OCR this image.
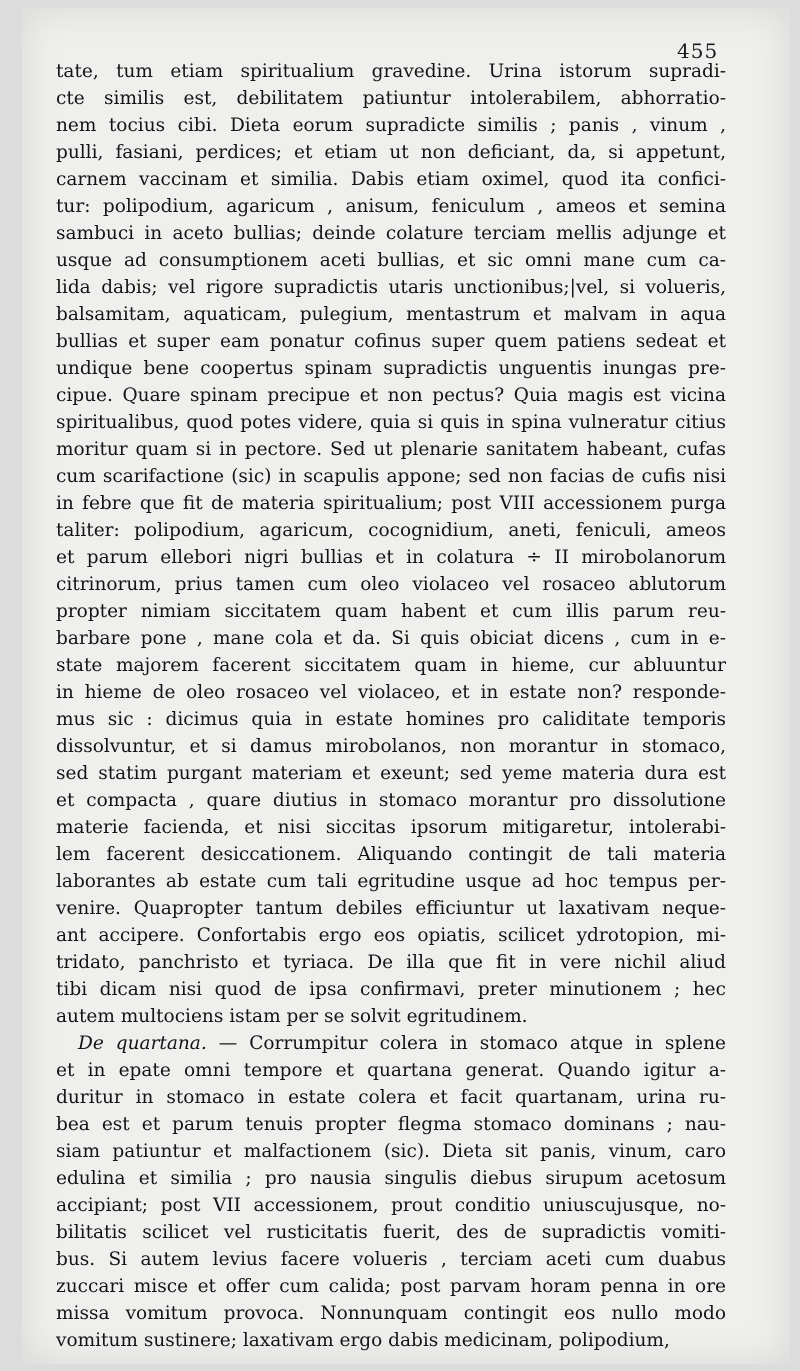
455
tate, tum etiam spiritualium gravedine. Urina istorum supradi-
cte similis est, debilitatem patiuntur intolerabilem, abhorratio-
nem tocius cibi. Dieta eorum supradicte similis ; panis , vinum ,
pulli, fasiani, perdices; et etiam ut non deficiant, da, si appetunt,
carnem vaccinam et similia. Dabis etiam oximel, quod ita confici-
tur: polipodium, agaricum , anisum, feniculum , ameos et semina
sambuci in aceto bullias; deinde colature terciam mellis adjunge et
usque ad consumptionem aceti bullias, et sic omni mane cum ca-
lida dabis; vel rigore supradictis utaris unctionibus;|vel, si volueris,
balsamitam, aquaticam, pulegium, mentastrum et malvam in aqua
bullias et super eam ponatur cofinus super quem patiens sedeat et
undique bene coopertus spinam supradictis unguentis inungas pre-
cipue. Quare spinam precipue et non pectus? Quia magis est vicina
spiritualibus, quod potes videre, quia si quis in spina vulneratur citius
moritur quam si in pectore. Sed ut plenarie sanitatem habeant, cufas
cum scarifactione (sic) in scapulis appone; sed non facias de cufis nisi
in febre que fit de materia spiritualium; post VIII accessionem purga
taliter: polipodium, agaricum, cocognidium, aneti, feniculi, ameos
et parum ellebori nigri bullias et in colatura ÷ II mirobolanorum
citrinorum, prius tamen cum oleo violaceo vel rosaceo ablutorum
propter nimiam siccitatem quam habent et cum illis parum reu-
barbare pone , mane cola et da. Si quis obiciat dicens , cum in e-
state majorem facerent siccitatem quam in hieme, cur abluuntur
in hieme de oleo rosaceo vel violaceo, et in estate non? responde-
mus sic : dicimus quia in estate homines pro caliditate temporis
dissolvuntur, et si damus mirobolanos, non morantur in stomaco,
sed statim purgant materiam et exeunt; sed yeme materia dura est
et compacta , quare diutius in stomaco morantur pro dissolutione
materie facienda, et nisi siccitas ipsorum mitigaretur, intolerabi-
lem facerent desiccationem. Aliquando contingit de tali materia
laborantes ab estate cum tali egritudine usque ad hoc tempus per-
venire. Quapropter tantum debiles efficiuntur ut laxativam neque-
ant accipere. Confortabis ergo eos opiatis, scilicet ydrotopion, mi-
tridato, panchristo et tyriaca. De illa que fit in vere nichil aliud
tibi dicam nisi quod de ipsa confirmavi, preter minutionem ; hec
autem multociens istam per se solvit egritudinem.
De quartana. — Corrumpitur colera in stomaco atque in splene
et in epate omni tempore et quartana generat. Quando igitur a-
duritur in stomaco in estate colera et facit quartanam, urina ru-
bea est et parum tenuis propter flegma stomaco dominans ; nau-
siam patiuntur et malfactionem (sic). Dieta sit panis, vinum, caro
edulina et similia ; pro nausia singulis diebus sirupum acetosum
accipiant; post VII accessionem, prout conditio uniuscujusque, no-
bilitatis scilicet vel rusticitatis fuerit, des de supradictis vomiti-
bus. Si autem levius facere volueris , terciam aceti cum duabus
zuccari misce et offer cum calida; post parvam horam penna in ore
missa vomitum provoca. Nonnunquam contingit eos nullo modo
vomitum sustinere; laxativam ergo dabis medicinam, polipodium,
